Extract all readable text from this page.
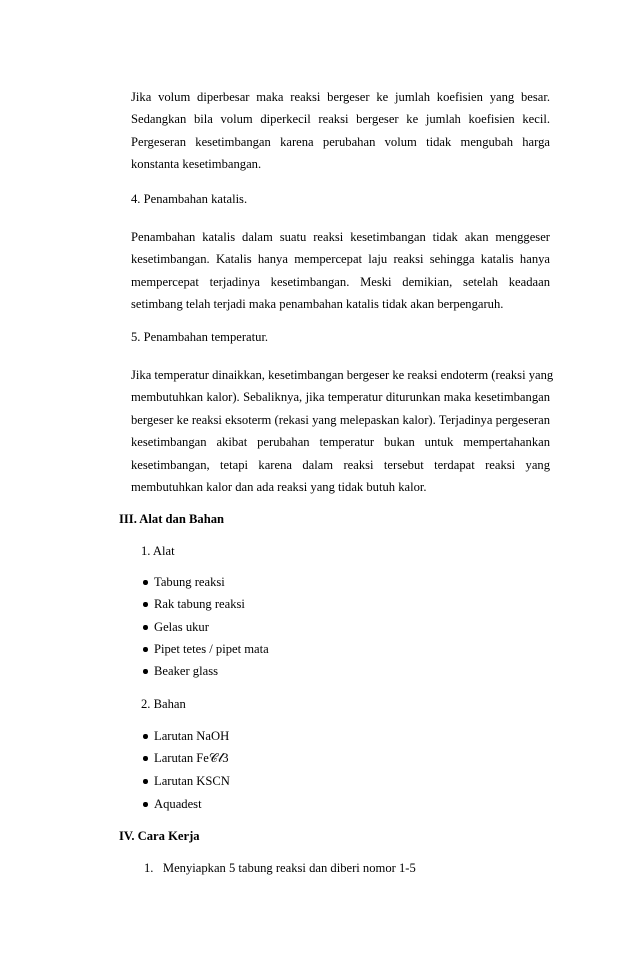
Jika volum diperbesar maka reaksi bergeser ke jumlah koefisien yang besar.
Sedangkan bila volum diperkecil reaksi bergeser ke jumlah koefisien kecil.
Pergeseran kesetimbangan karena perubahan volum tidak mengubah harga
konstanta kesetimbangan.

4. Penambahan katalis.

Penambahan katalis dalam suatu reaksi kesetimbangan tidak akan menggeser
kesetimbangan. Katalis hanya mempercepat laju reaksi sehingga katalis hanya
mempercepat terjadinya kesetimbangan. Meski demikian, setelah keadaan
setimbang telah terjadi maka penambahan katalis tidak akan berpengaruh.

5. Penambahan temperatur.

Jika temperatur dinaikkan, kesetimbangan bergeser ke reaksi endoterm (reaksi yang
membutuhkan kalor). Sebaliknya, jika temperatur diturunkan maka kesetimbangan
bergeser ke reaksi eksoterm (rekasi yang melepaskan kalor). Terjadinya pergeseran
kesetimbangan akibat perubahan temperatur bukan untuk mempertahankan
kesetimbangan, tetapi karena dalam reaksi tersebut terdapat reaksi yang
membutuhkan kalor dan ada reaksi yang tidak butuh kalor.

III. Alat dan Bahan

1. Alat

Tabung reaksi
Rak tabung reaksi
Gelas ukur
Pipet tetes / pipet mata
Beaker glass

2. Bahan

Larutan NaOH
Larutan Fe𝒞𝓁3
Larutan KSCN
Aquadest

IV. Cara Kerja

1.   Menyiapkan 5 tabung reaksi dan diberi nomor 1-5
